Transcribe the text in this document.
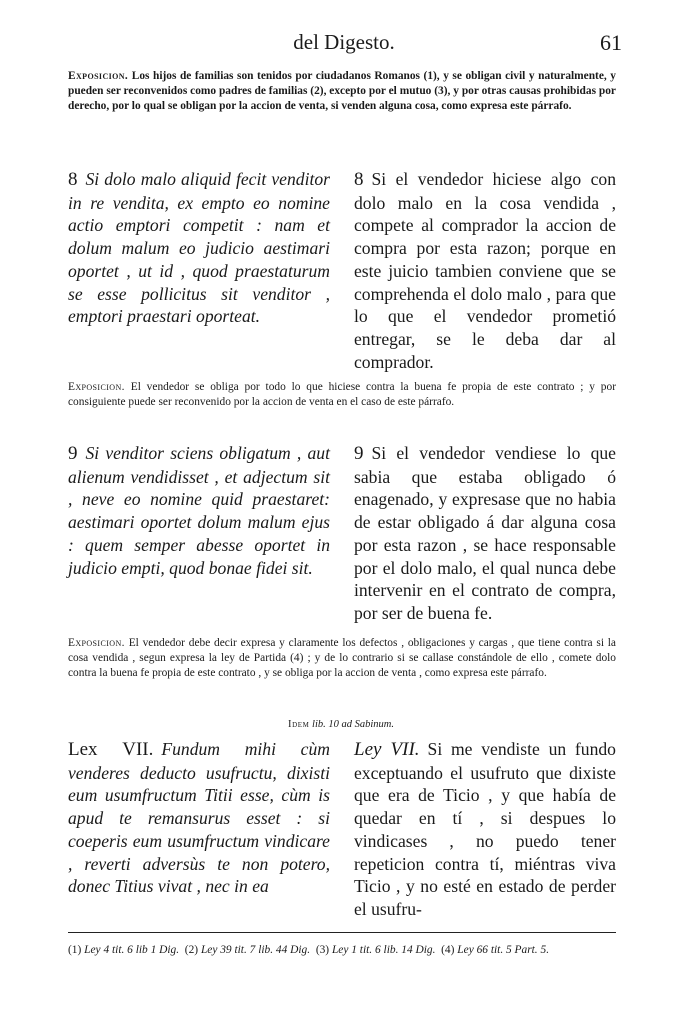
del Digesto.	61
Exposicion. Los hijos de familias son tenidos por ciudadanos Romanos (1), y se obligan civil y naturalmente, y pueden ser reconvenidos como padres de familias (2), excepto por el mutuo (3), y por otras causas prohibidas por derecho, por lo qual se obligan por la accion de venta, si venden alguna cosa, como expresa este párrafo.

8 Si dolo malo aliquid fecit venditor in re vendita, ex empto eo nomine actio emptori competit : nam et dolum malum eo judicio aestimari oportet , ut id , quod praestaturum se esse pollicitus sit venditor , emptori praestari oporteat.

8 Si el vendedor hiciese algo con dolo malo en la cosa vendida , compete al comprador la accion de compra por esta razon; porque en este juicio tambien conviene que se comprehenda el dolo malo , para que lo que el vendedor prometió entregar, se le deba dar al comprador.

Exposicion. El vendedor se obliga por todo lo que hiciese contra la buena fe propia de este contrato ; y por consiguiente puede ser reconvenido por la accion de venta en el caso de este párrafo.

9 Si venditor sciens obligatum , aut alienum vendidisset , et adjectum sit , neve eo nomine quid praestaret: aestimari oportet dolum malum ejus : quem semper abesse oportet in judicio empti, quod bonae fidei sit.

9 Si el vendedor vendiese lo que sabia que estaba obligado ó enagenado, y expresase que no habia de estar obligado á dar alguna cosa por esta razon , se hace responsable por el dolo malo, el qual nunca debe intervenir en el contrato de compra, por ser de buena fe.

Exposicion. El vendedor debe decir expresa y claramente los defectos , obligaciones y cargas , que tiene contra si la cosa vendida , segun expresa la ley de Partida (4) ; y de lo contrario si se callase constándole de ello , comete dolo contra la buena fe propia de este contrato , y se obliga por la accion de venta , como expresa este párrafo.
Idem lib. 10 ad Sabinum.

Lex VII. Fundum mihi cùm venderes deducto usufructu, dixisti eum usumfructum Titii esse, cùm is apud te remansurus esset : si coeperis eum usumfructum vindicare , reverti adversùs te non potero, donec Titius vivat , nec in ea

Ley VII. Si me vendiste un fundo exceptuando el usufruto que dixiste que era de Ticio , y que había de quedar en tí , si despues lo vindicases , no puedo tener repeticion contra tí, miéntras viva Ticio , y no esté en estado de perder el usufru-

(1) Ley 4 tit. 6 lib 1 Dig. (2) Ley 39 tit. 7 lib. 44 Dig. (3) Ley 1 tit. 6 lib. 14 Dig. (4) Ley 66 tit. 5 Part. 5.
